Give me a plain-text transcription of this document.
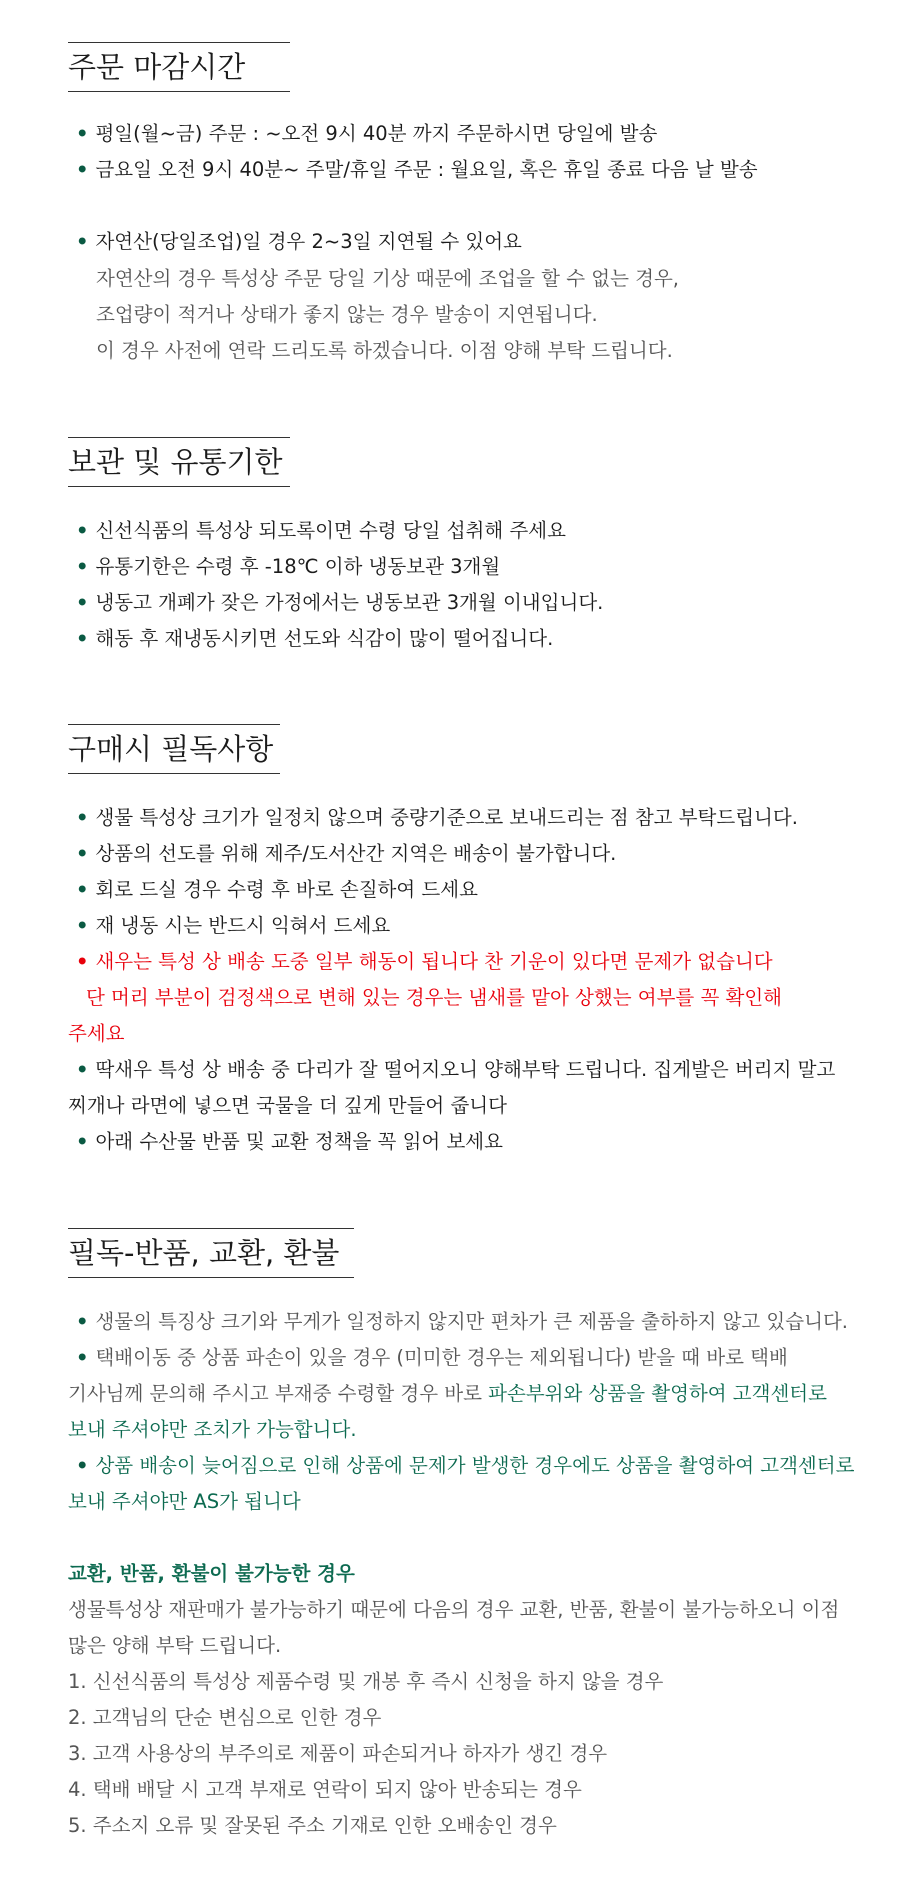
주문 마감시간
• 평일(월~금) 주문 : ~오전 9시 40분 까지 주문하시면 당일에 발송
• 금요일 오전 9시 40분~ 주말/휴일 주문 : 월요일, 혹은 휴일 종료 다음 날 발송
• 자연산(당일조업)일 경우 2~3일 지연될 수 있어요
자연산의 경우 특성상 주문 당일 기상 때문에 조업을 할 수 없는 경우,
조업량이 적거나 상태가 좋지 않는 경우 발송이 지연됩니다.
이 경우 사전에 연락 드리도록 하겠습니다. 이점 양해 부탁 드립니다.
보관 및 유통기한
• 신선식품의 특성상 되도록이면 수령 당일 섭취해 주세요
• 유통기한은 수령 후 -18℃ 이하 냉동보관 3개월
• 냉동고 개폐가 잦은 가정에서는 냉동보관 3개월 이내입니다.
• 해동 후 재냉동시키면 선도와 식감이 많이 떨어집니다.
구매시 필독사항
• 생물 특성상 크기가 일정치 않으며 중량기준으로 보내드리는 점 참고 부탁드립니다.
• 상품의 선도를 위해 제주/도서산간 지역은 배송이 불가합니다.
• 회로 드실 경우 수령 후 바로 손질하여 드세요
• 재 냉동 시는 반드시 익혀서 드세요
• 새우는 특성 상 배송 도중 일부 해동이 됩니다 찬 기운이 있다면 문제가 없습니다
단 머리 부분이 검정색으로 변해 있는 경우는 냄새를 맡아 상했는 여부를 꼭 확인해
주세요
• 딱새우 특성 상 배송 중 다리가 잘 떨어지오니 양해부탁 드립니다. 집게발은 버리지 말고
찌개나 라면에 넣으면 국물을 더 깊게 만들어 줍니다
• 아래 수산물 반품 및 교환 정책을 꼭 읽어 보세요
필독-반품, 교환, 환불
• 생물의 특징상 크기와 무게가 일정하지 않지만 편차가 큰 제품을 출하하지 않고 있습니다.
• 택배이동 중 상품 파손이 있을 경우 (미미한 경우는 제외됩니다) 받을 때 바로 택배
기사님께 문의해 주시고 부재중 수령할 경우 바로 파손부위와 상품을 촬영하여 고객센터로
보내 주셔야만 조치가 가능합니다.
• 상품 배송이 늦어짐으로 인해 상품에 문제가 발생한 경우에도 상품을 촬영하여 고객센터로
보내 주셔야만 AS가 됩니다
교환, 반품, 환불이 불가능한 경우
생물특성상 재판매가 불가능하기 때문에 다음의 경우 교환, 반품, 환불이 불가능하오니 이점
많은 양해 부탁 드립니다.
1. 신선식품의 특성상 제품수령 및 개봉 후 즉시 신청을 하지 않을 경우
2. 고객님의 단순 변심으로 인한 경우
3. 고객 사용상의 부주의로 제품이 파손되거나 하자가 생긴 경우
4. 택배 배달 시 고객 부재로 연락이 되지 않아 반송되는 경우
5. 주소지 오류 및 잘못된 주소 기재로 인한 오배송인 경우
